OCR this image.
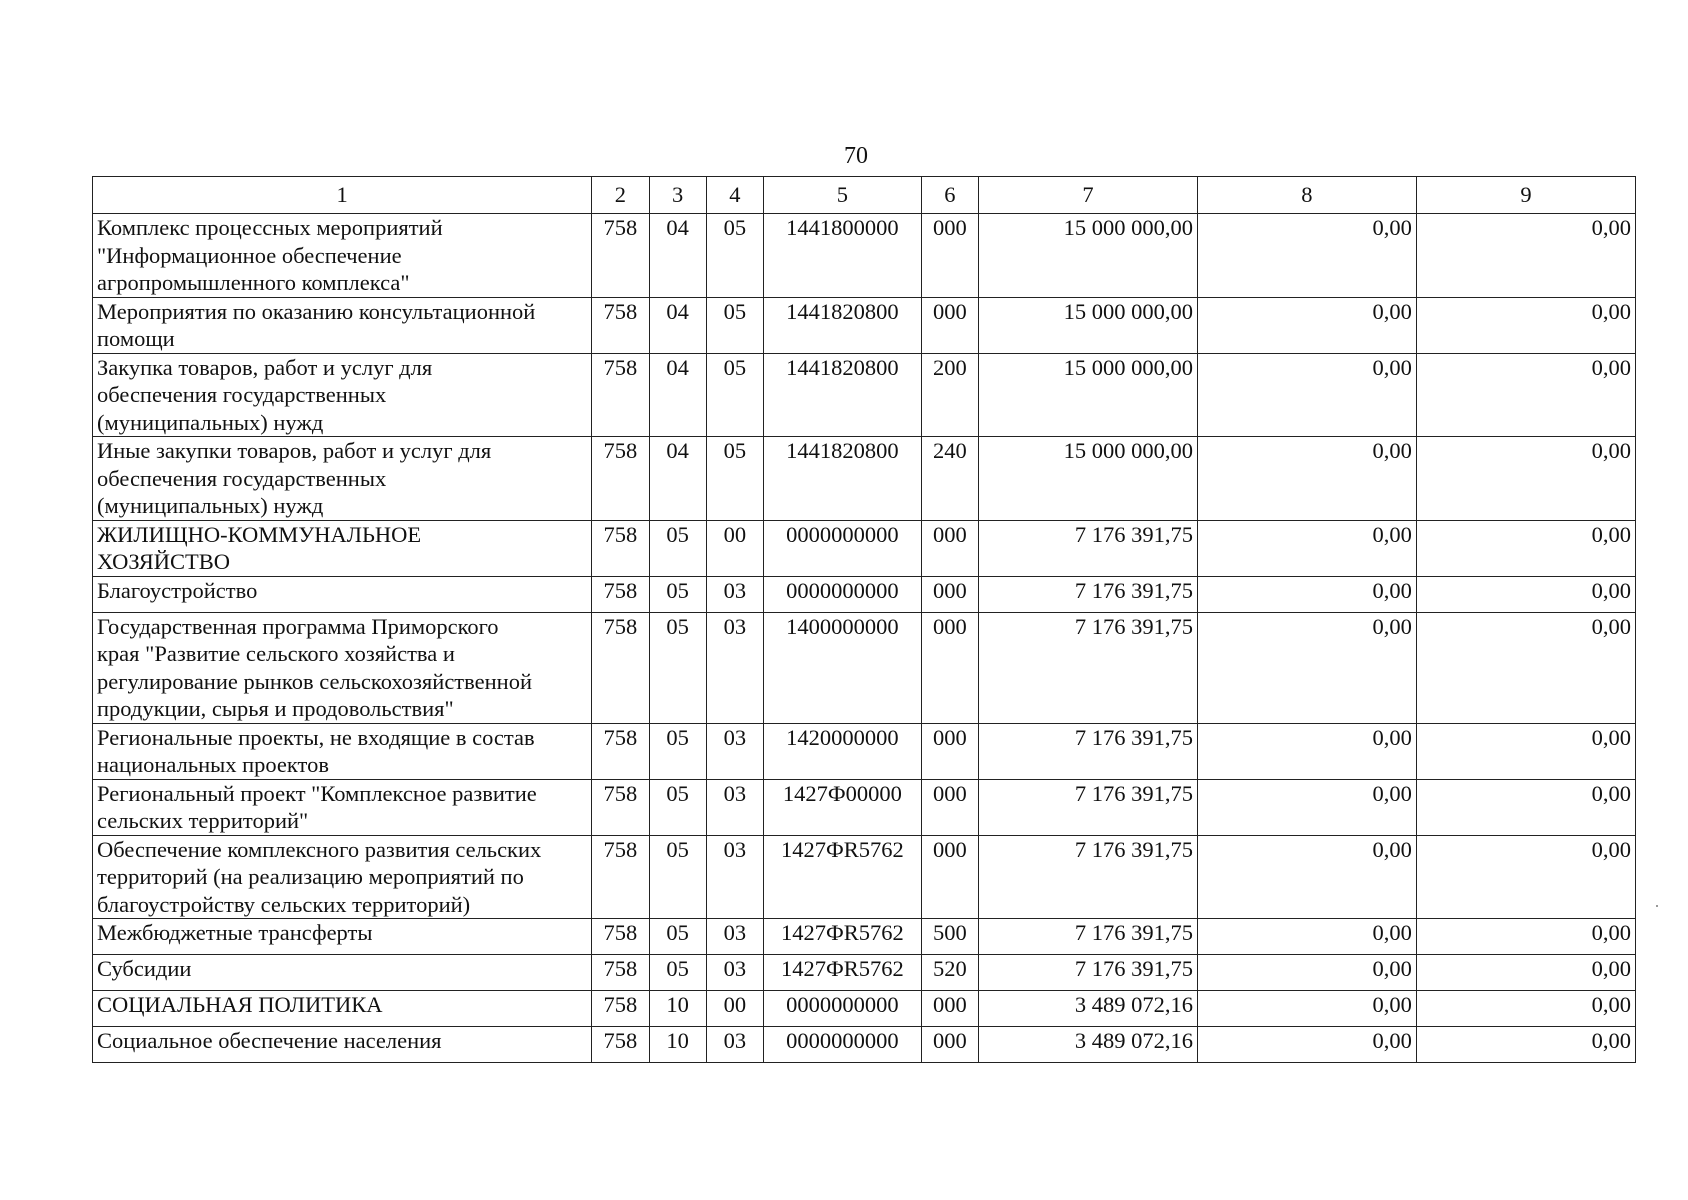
70
1	2	3	4	5	6	7	8	9
Комплекс процессных мероприятий
"Информационное обеспечение
агропромышленного комплекса"	758	04	05	1441800000	000	15 000 000,00	0,00	0,00
Мероприятия по оказанию консультационной
помощи	758	04	05	1441820800	000	15 000 000,00	0,00	0,00
Закупка товаров, работ и услуг для
обеспечения государственных
(муниципальных) нужд	758	04	05	1441820800	200	15 000 000,00	0,00	0,00
Иные закупки товаров, работ и услуг для
обеспечения государственных
(муниципальных) нужд	758	04	05	1441820800	240	15 000 000,00	0,00	0,00
ЖИЛИЩНО-КОММУНАЛЬНОЕ
ХОЗЯЙСТВО	758	05	00	0000000000	000	7 176 391,75	0,00	0,00
Благоустройство	758	05	03	0000000000	000	7 176 391,75	0,00	0,00
Государственная программа Приморского
края "Развитие сельского хозяйства и
регулирование рынков сельскохозяйственной
продукции, сырья и продовольствия"	758	05	03	1400000000	000	7 176 391,75	0,00	0,00
Региональные проекты, не входящие в состав
национальных проектов	758	05	03	1420000000	000	7 176 391,75	0,00	0,00
Региональный проект "Комплексное развитие
сельских территорий"	758	05	03	1427Ф00000	000	7 176 391,75	0,00	0,00
Обеспечение комплексного развития сельских
территорий (на реализацию мероприятий по
благоустройству сельских территорий)	758	05	03	1427ФR5762	000	7 176 391,75	0,00	0,00
Межбюджетные трансферты	758	05	03	1427ФR5762	500	7 176 391,75	0,00	0,00
Субсидии	758	05	03	1427ФR5762	520	7 176 391,75	0,00	0,00
СОЦИАЛЬНАЯ ПОЛИТИКА	758	10	00	0000000000	000	3 489 072,16	0,00	0,00
Социальное обеспечение населения	758	10	03	0000000000	000	3 489 072,16	0,00	0,00
